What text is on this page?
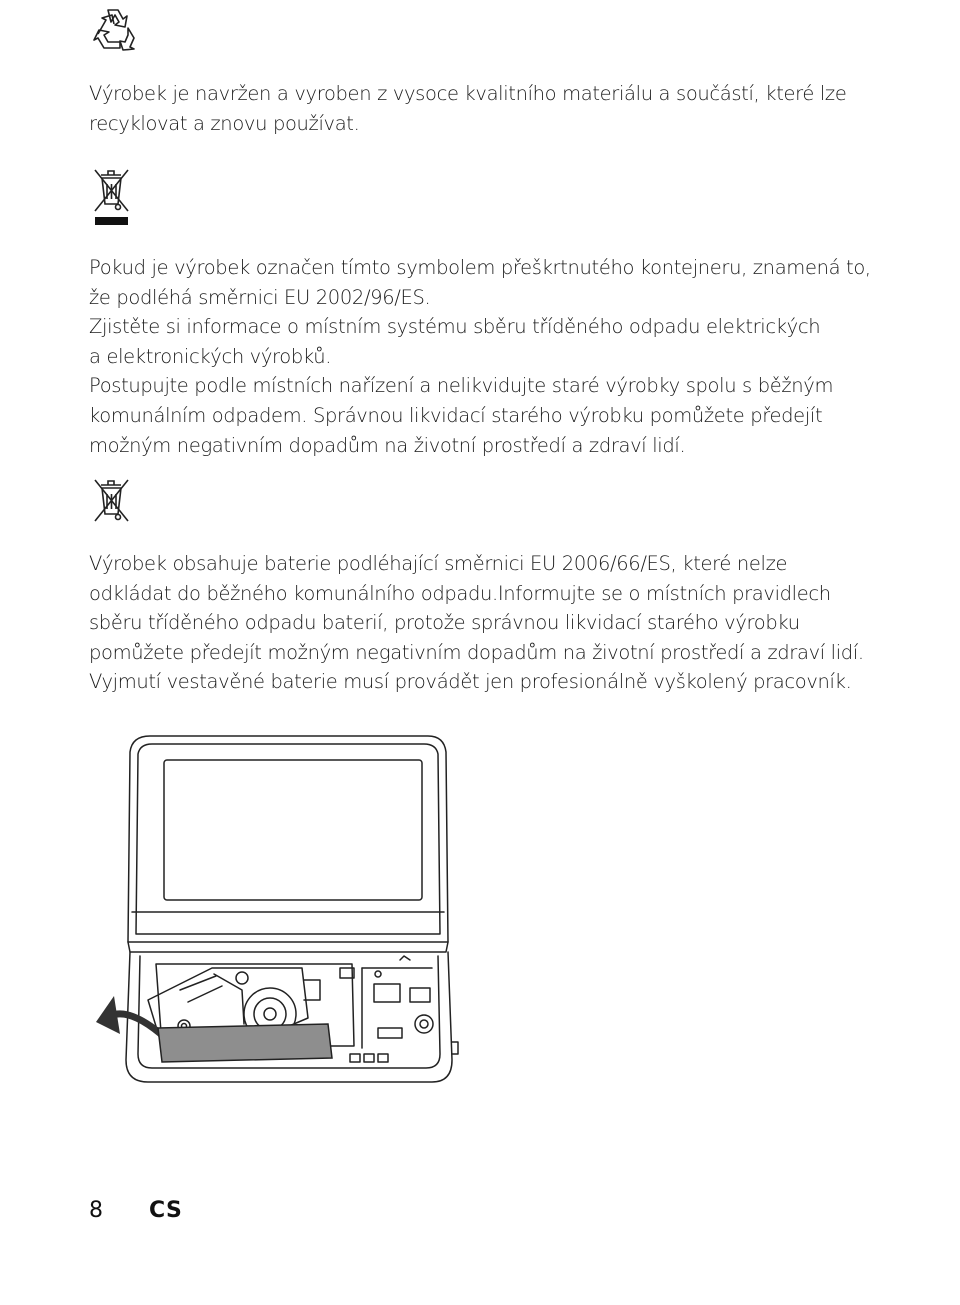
Výrobek je navržen a vyroben z vysoce kvalitního materiálu a součástí, které lze
recyklovat a znovu používat.

Pokud je výrobek označen tímto symbolem přeškrtnutého kontejneru, znamená to,
že podléhá směrnici EU 2002/96/ES.
Zjistěte si informace o místním systému sběru tříděného odpadu elektrických
a elektronických výrobků.
Postupujte podle místních nařízení a nelikvidujte staré výrobky spolu s běžným
komunálním odpadem. Správnou likvidací starého výrobku pomůžete předejít
možným negativním dopadům na životní prostředí a zdraví lidí.

Výrobek obsahuje baterie podléhající směrnici EU 2006/66/ES, které nelze
odkládat do běžného komunálního odpadu.Informujte se o místních pravidlech
sběru tříděného odpadu baterií, protože správnou likvidací starého výrobku
pomůžete předejít možným negativním dopadům na životní prostředí a zdraví lidí.
Vyjmutí vestavěné baterie musí provádět jen profesionálně vyškolený pracovník.

8 CS
